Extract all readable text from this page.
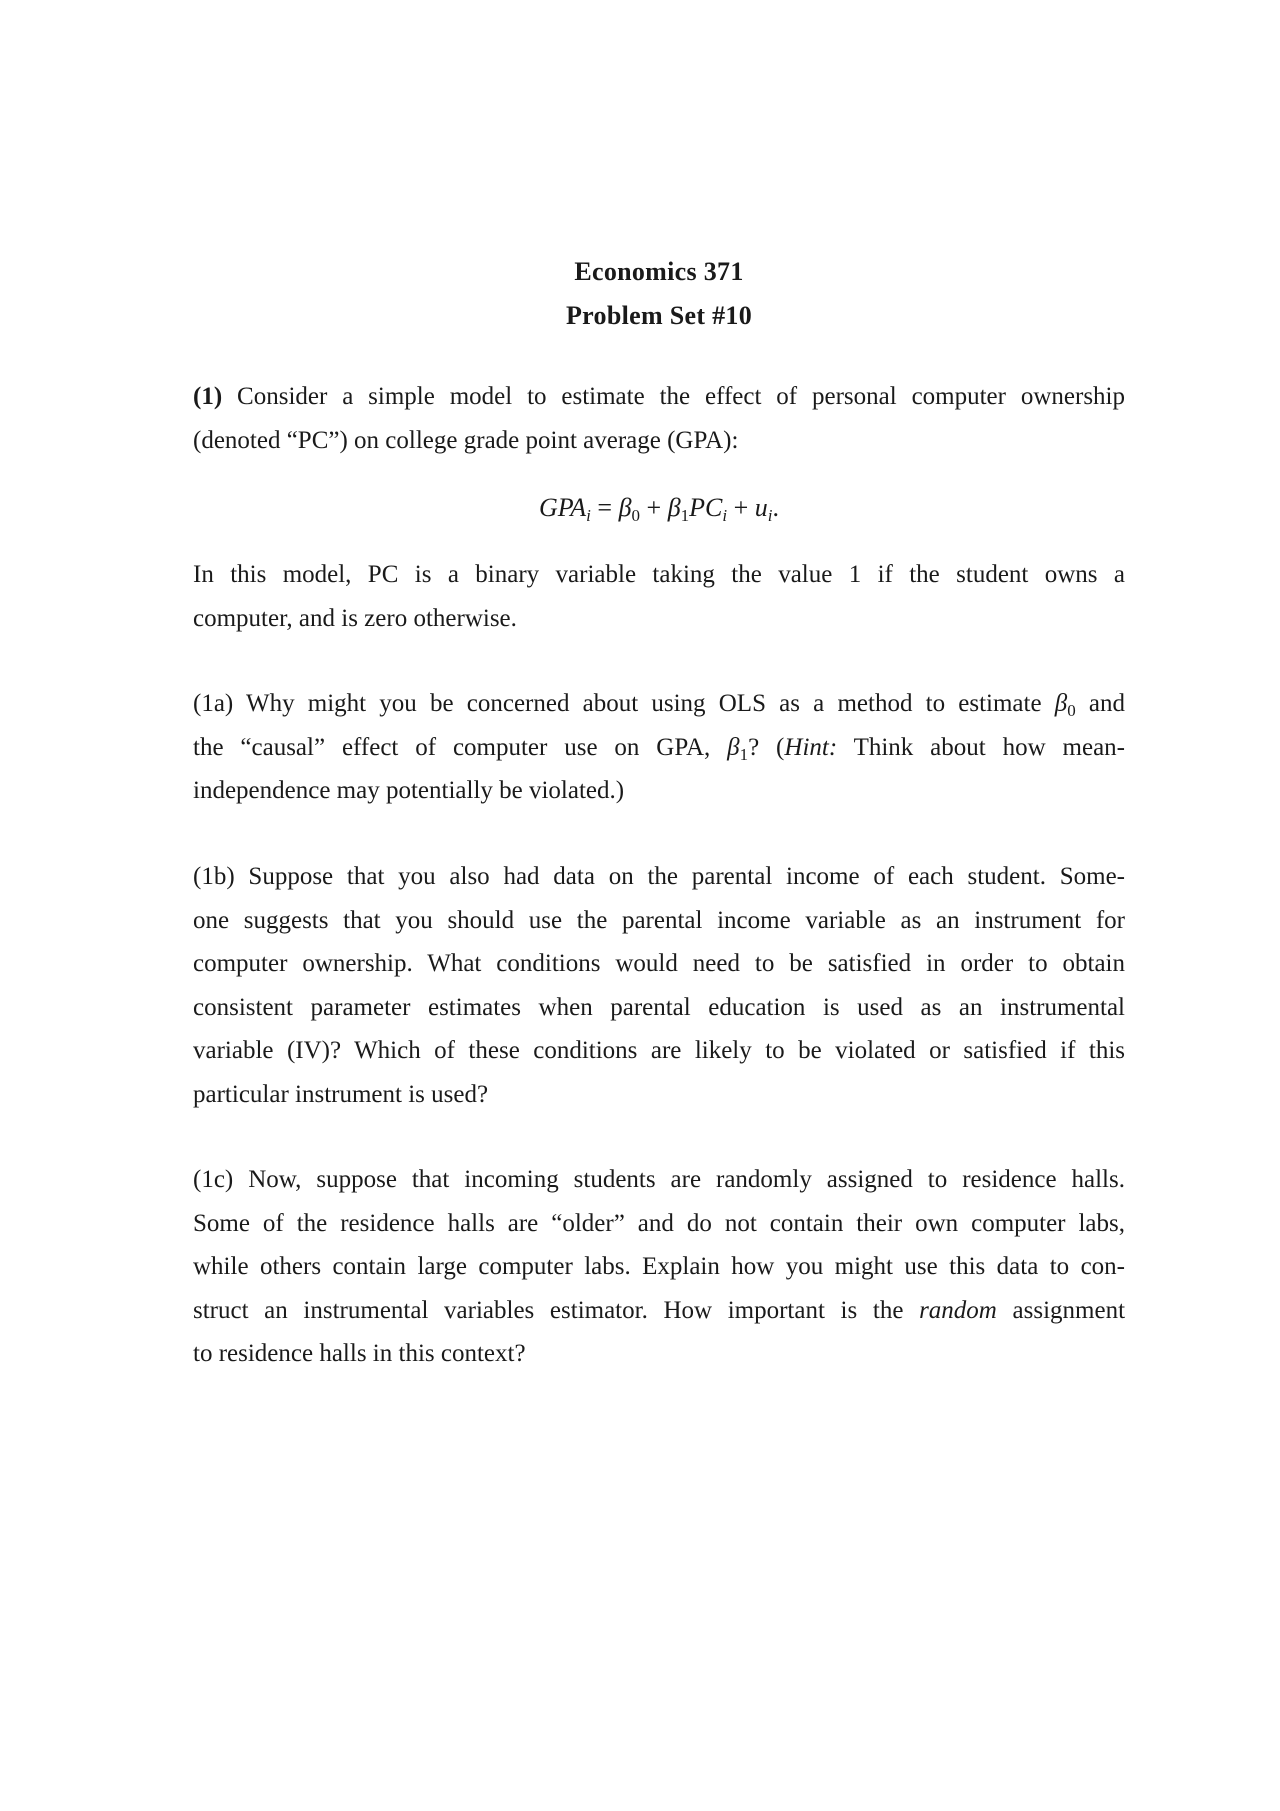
Economics 371
Problem Set #10
(1) Consider a simple model to estimate the effect of personal computer ownership
(denoted “PC”) on college grade point average (GPA):
$GPA_i = \beta_0 + \beta_1PC_i + u_i$.
In this model, PC is a binary variable taking the value 1 if the student owns a
computer, and is zero otherwise.
(1a) Why might you be concerned about using OLS as a method to estimate $\beta_0$ and
the “causal” effect of computer use on GPA, $\beta_1$? (Hint: Think about how mean-
independence may potentially be violated.)
(1b) Suppose that you also had data on the parental income of each student. Some-
one suggests that you should use the parental income variable as an instrument for
computer ownership. What conditions would need to be satisfied in order to obtain
consistent parameter estimates when parental education is used as an instrumental
variable (IV)? Which of these conditions are likely to be violated or satisfied if this
particular instrument is used?
(1c) Now, suppose that incoming students are randomly assigned to residence halls.
Some of the residence halls are “older” and do not contain their own computer labs,
while others contain large computer labs. Explain how you might use this data to con-
struct an instrumental variables estimator. How important is the random assignment
to residence halls in this context?
